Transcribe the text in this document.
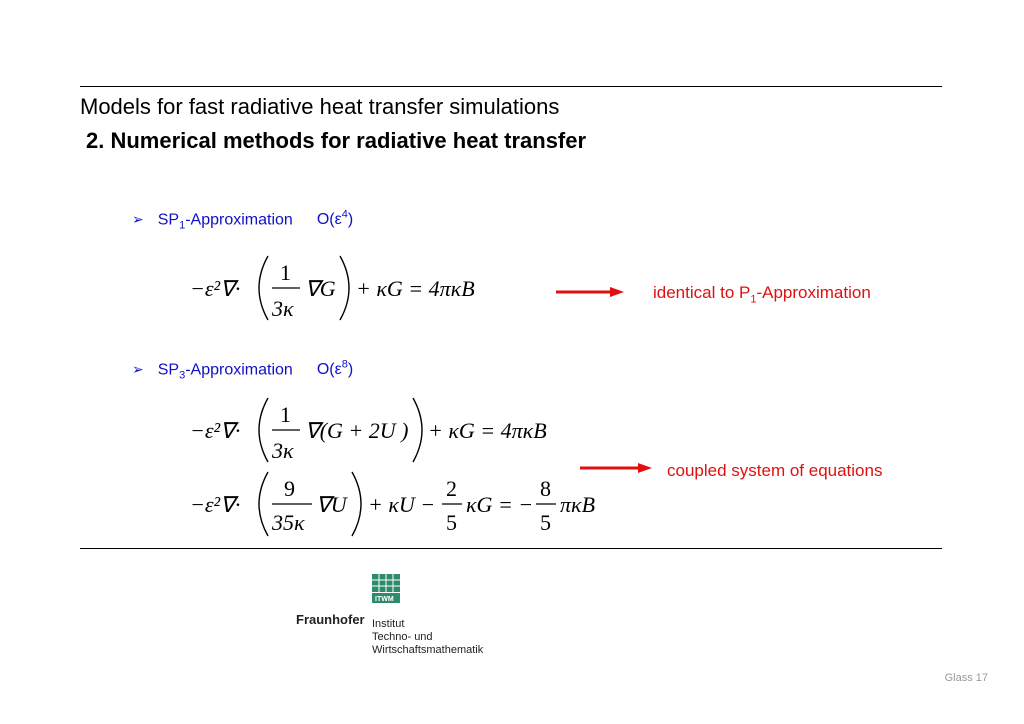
Models for fast radiative heat transfer simulations
2. Numerical methods for radiative heat transfer
➢ $SP_1$-Approximation $O(\varepsilon^4)$
−ε²∇·
1
3κ
∇G + κG = 4πκB
−ε²∇·
1
3κ
∇(G + 2U ) + κG = 4πκB
−ε²∇·
9
35κ
∇U + κU −
2
5
κG = −
8
5
πκB
ITWM
identical to $P_1$-Approximation
➢ $SP_3$-Approximation $O(\varepsilon^8)$
coupled system of equations
Fraunhofer Institut
Techno- und
Wirtschaftsmathematik
Glass 17
